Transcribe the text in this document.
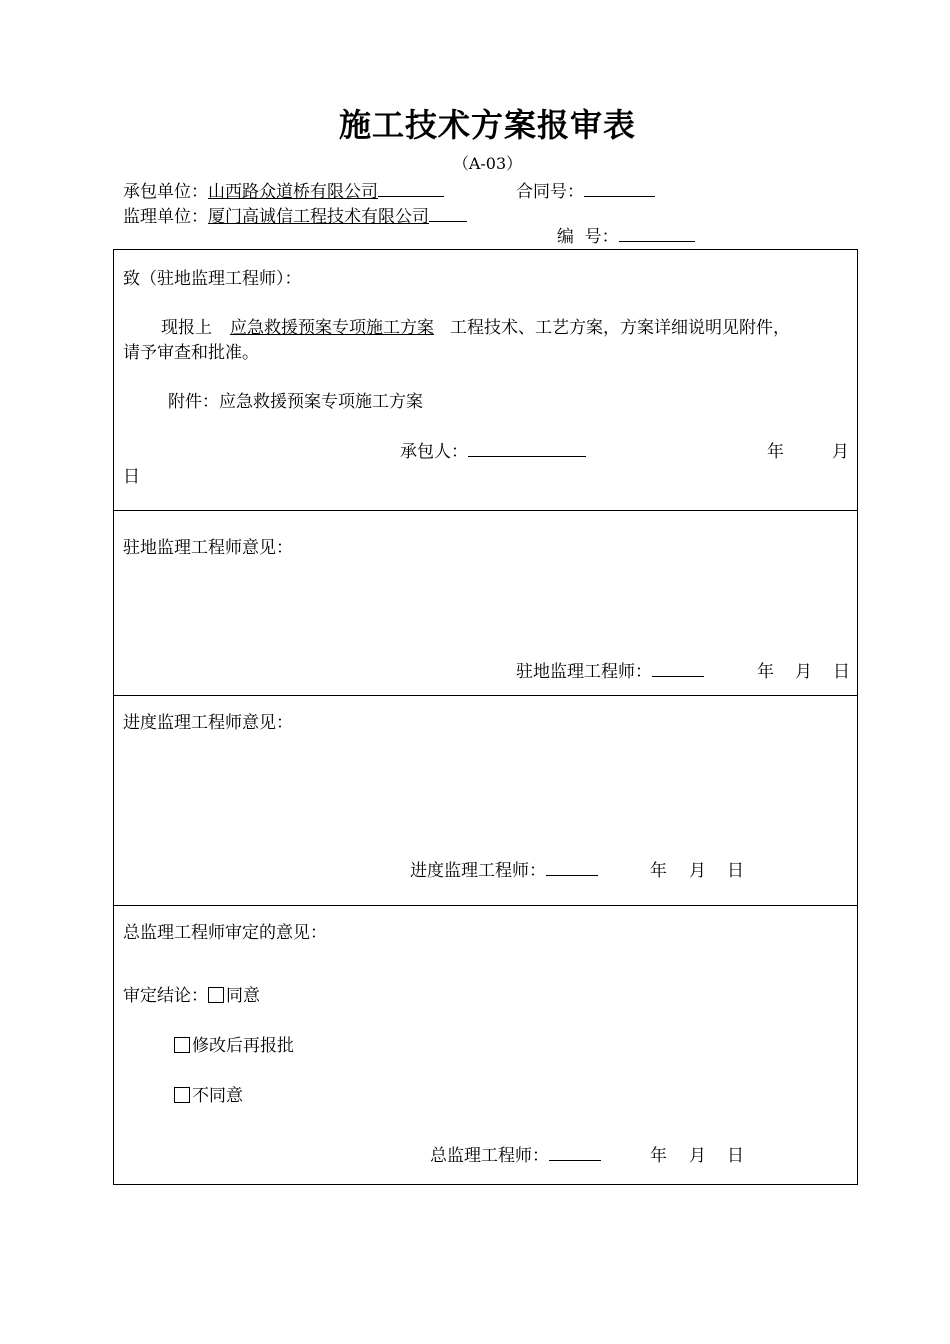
施工技术方案报审表
（A-03）
承包单位：山西路众道桥有限公司	合同号：
监理单位：厦门高诚信工程技术有限公司

编  号：

致（驻地监理工程师）：
现报上 应急救援预案专项施工方案 工程技术、工艺方案，方案详细说明见附件，
请予审查和批准。
附件：应急救援预案专项施工方案
承包人：	年	月
日
驻地监理工程师意见：
驻地监理工程师：	年 月 日
进度监理工程师意见：
进度监理工程师：	年 月 日
总监理工程师审定的意见：
审定结论： 同意
修改后再报批
不同意
总监理工程师：	年 月 日
